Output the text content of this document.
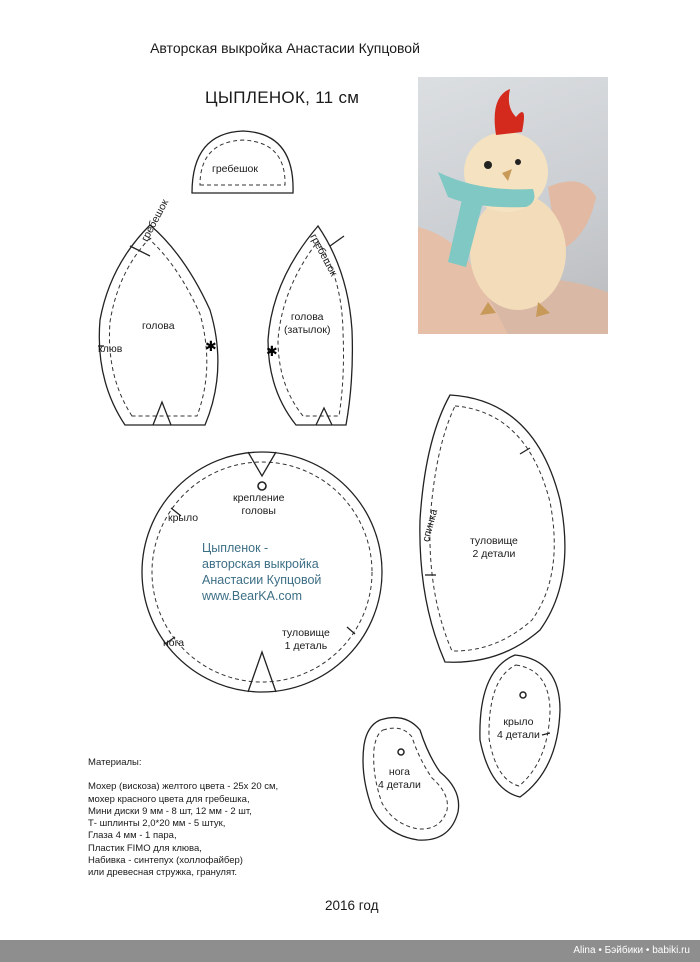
Авторская выкройка Анастасии Купцовой
ЦЫПЛЕНОК, 11 см
✱	✱
гребешок
гребешок
голова
клюв
гребешок
голова
(затылок)
крепление
головы
крыло
нога
туловище
1 деталь
Цыпленок -
авторская выкройка
Анастасии Купцовой
www.BearKA.com
спинка	туловище
2 детали
крыло
4 детали
нога
4 детали
Материалы:
Мохер (вискоза) желтого цвета - 25х 20 см,
мохер красного цвета для гребешка,
Мини диски 9 мм - 8 шт, 12 мм - 2 шт,
Т- шплинты 2,0*20 мм - 5 штук,
Глаза 4 мм - 1 пара,
Пластик FIMO для клюва,
Набивка - синтепух (холлофайбер)
или древесная стружка, гранулят.
2016 год
Alina • Бэйбики • babiki.ru
